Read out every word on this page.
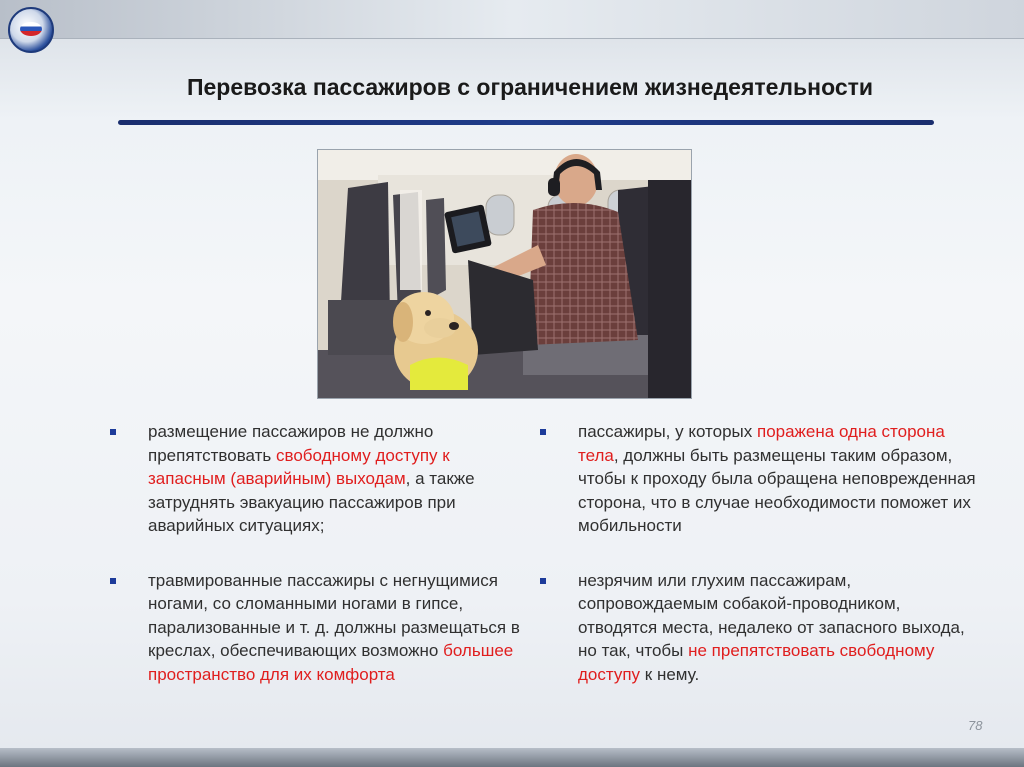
Перевозка пассажиров с ограничением жизнедеятельности
размещение пассажиров не должно препятствовать свободному доступу к запасным (аварийным) выходам, а также затруднять эвакуацию пассажиров при аварийных ситуациях;
травмированные пассажиры с негнущимися ногами, со сломанными ногами в гипсе, парализованные и т. д. должны размещаться в креслах, обеспечивающих возможно большее пространство для их комфорта
пассажиры, у которых поражена одна сторона тела, должны быть размещены таким образом, чтобы к проходу была обращена неповрежденная сторона, что в случае необходимости поможет их мобильности
незрячим или глухим пассажирам, сопровождаемым собакой-проводником, отводятся места, недалеко от запасного выхода, но так, чтобы не препятствовать свободному доступу к нему.
78
